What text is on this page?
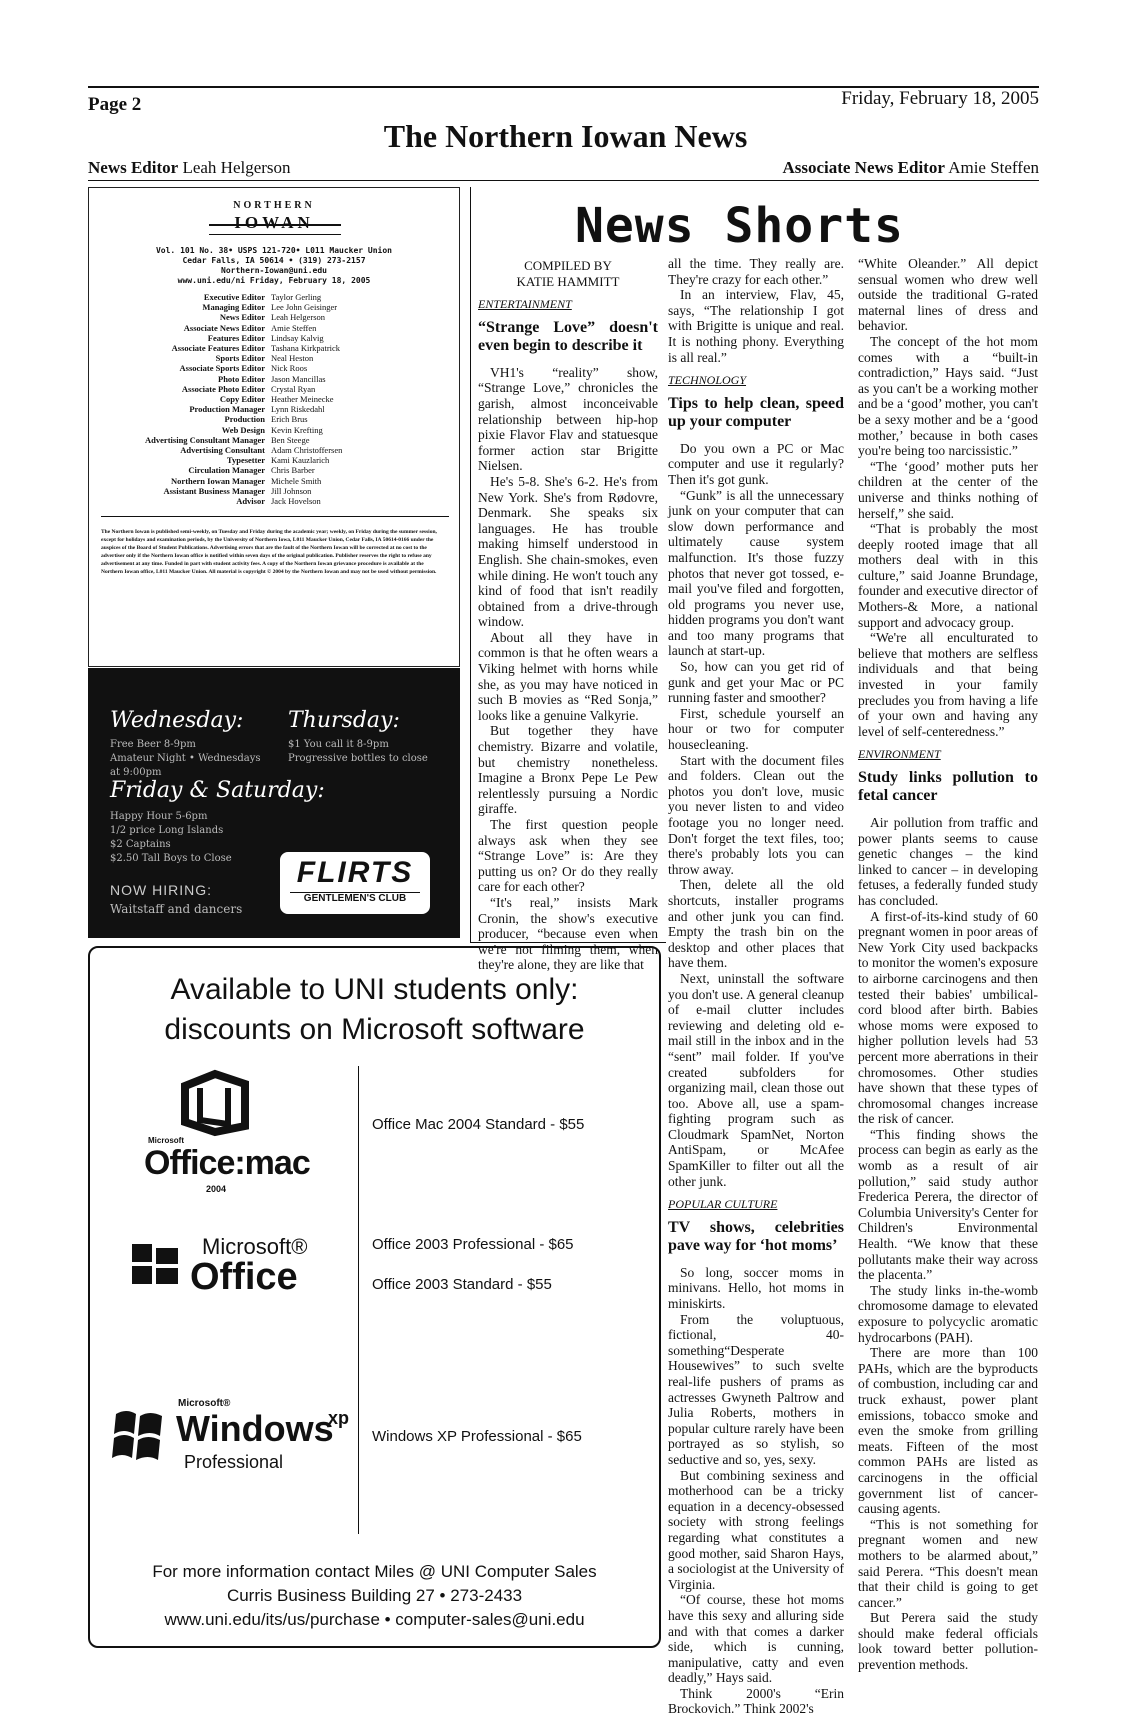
Page 2	Friday, February 18, 2005
The Northern Iowan News
News Editor Leah Helgerson	Associate News Editor Amie Steffen
NORTHERN
IOWAN
Vol. 101 No. 38• USPS 121-720• L011 Maucker Union
Cedar Falls, IA 50614 • (319) 273-2157
Northern-Iowan@uni.edu
www.uni.edu/ni Friday, February 18, 2005
Executive Editor Taylor Gerling
Managing Editor Lee John Geisinger
News Editor Leah Helgerson
Associate News Editor Amie Steffen
Features Editor Lindsay Kalvig
Associate Features Editor Tashana Kirkpatrick
Sports Editor Neal Heston
Associate Sports Editor Nick Roos
Photo Editor Jason Mancillas
Associate Photo Editor Crystal Ryan
Copy Editor Heather Meinecke
Production Manager Lynn Riskedahl
Production Erich Brus
Web Design Kevin Krefting
Advertising Consultant Manager Ben Steege
Advertising Consultant Adam Christoffersen
Typesetter Kami Kauzlarich
Circulation Manager Chris Barber
Northern Iowan Manager Michele Smith
Assistant Business Manager Jill Johnson
Advisor Jack Hovelson
The Northern Iowan is published semi-weekly, on Tuesday and Friday during the academic year; weekly, on Friday during the summer session, except for holidays and examination periods, by the University of Northern Iowa, L011 Maucker Union, Cedar Falls, IA 50614-0166 under the auspices of the Board of Student Publications. Advertising errors that are the fault of the Northern Iowan will be corrected at no cost to the advertiser only if the Northern Iowan office is notified within seven days of the original publication. Publisher reserves the right to refuse any advertisement at any time. Funded in part with student activity fees. A copy of the Northern Iowan grievance procedure is available at the Northern Iowan office, L011 Maucker Union. All material is copyright © 2004 by the Northern Iowan and may not be used without permission.
Wednesday:
Free Beer 8-9pm
Amateur Night • Wednesdays at 9:00pm
Thursday:
$1 You call it 8-9pm
Progressive bottles to close
Friday & Saturday:
Happy Hour 5-6pm
1/2 price Long Islands
$2 Captains
$2.50 Tall Boys to Close
NOW HIRING:
Waitstaff and dancers
FLIRTS
GENTLEMEN'S CLUB
Available to UNI students only:
discounts on Microsoft software
Microsoft
Office:mac
2004
Office Mac 2004 Standard - $55
Microsoft®
Office
Office 2003 Professional - $65
Office 2003 Standard - $55
Microsoft®
Windows
xp
Professional
Windows XP Professional - $65
For more information contact Miles @ UNI Computer Sales
Curris Business Building 27 • 273-2433
www.uni.edu/its/us/purchase • computer-sales@uni.edu
News Shorts
COMPILED BY
KATIE HAMMITT
ENTERTAINMENT
“Strange Love” doesn't even begin to describe it

VH1's “reality” show, “Strange Love,” chronicles the garish, almost inconceivable relationship between hip-hop pixie Flavor Flav and statuesque former action star Brigitte Nielsen.

He's 5-8. She's 6-2. He's from New York. She's from Rødovre, Denmark. She speaks six languages. He has trouble making himself understood in English. She chain-smokes, even while dining. He won't touch any kind of food that isn't readily obtained from a drive-through window.

About all they have in common is that he often wears a Viking helmet with horns while she, as you may have noticed in such B movies as “Red Sonja,” looks like a genuine Valkyrie.

But together they have chemistry. Bizarre and volatile, but chemistry nonetheless. Imagine a Bronx Pepe Le Pew relentlessly pursuing a Nordic giraffe.

The first question people always ask when they see “Strange Love” is: Are they putting us on? Or do they really care for each other?

“It's real,” insists Mark Cronin, the show's executive producer, “because even when we're not filming them, when they're alone, they are like that

all the time. They really are. They're crazy for each other.”

In an interview, Flav, 45, says, “The relationship I got with Brigitte is unique and real. It is nothing phony. Everything is all real.”

TECHNOLOGY
Tips to help clean, speed up your computer

Do you own a PC or Mac computer and use it regularly? Then it's got gunk.

“Gunk” is all the unnecessary junk on your computer that can slow down performance and ultimately cause system malfunction. It's those fuzzy photos that never got tossed, e-mail you've filed and forgotten, old programs you never use, hidden programs you don't want and too many programs that launch at start-up.

So, how can you get rid of gunk and get your Mac or PC running faster and smoother?

First, schedule yourself an hour or two for computer housecleaning.

Start with the document files and folders. Clean out the photos you don't love, music you never listen to and video footage you no longer need. Don't forget the text files, too; there's probably lots you can throw away.

Then, delete all the old shortcuts, installer programs and other junk you can find. Empty the trash bin on the desktop and other places that have them.

Next, uninstall the software you don't use. A general cleanup of e-mail clutter includes reviewing and deleting old e-mail still in the inbox and in the “sent” mail folder. If you've created subfolders for organizing mail, clean those out too. Above all, use a spam-fighting program such as Cloudmark SpamNet, Norton AntiSpam, or McAfee SpamKiller to filter out all the other junk.

POPULAR CULTURE
TV shows, celebrities pave way for ‘hot moms’

So long, soccer moms in minivans. Hello, hot moms in miniskirts.

From the voluptuous, fictional, 40-something“Desperate Housewives” to such svelte real-life pushers of prams as actresses Gwyneth Paltrow and Julia Roberts, mothers in popular culture rarely have been portrayed as so stylish, so seductive and so, yes, sexy.

But combining sexiness and motherhood can be a tricky equation in a decency-obsessed society with strong feelings regarding what constitutes a good mother, said Sharon Hays, a sociologist at the University of Virginia.

“Of course, these hot moms have this sexy and alluring side and with that comes a darker side, which is cunning, manipulative, catty and even deadly,” Hays said.

Think 2000's “Erin Brockovich.” Think 2002's

“White Oleander.” All depict sensual women who drew well outside the traditional G-rated maternal lines of dress and behavior.

The concept of the hot mom comes with a “built-in contradiction,” Hays said. “Just as you can't be a working mother and be a ‘good’ mother, you can't be a sexy mother and be a ‘good mother,’ because in both cases you're being too narcissistic.”

“The ‘good’ mother puts her children at the center of the universe and thinks nothing of herself,” she said.

“That is probably the most deeply rooted image that all mothers deal with in this culture,” said Joanne Brundage, founder and executive director of Mothers-& More, a national support and advocacy group.

“We're all enculturated to believe that mothers are selfless individuals and that being invested in your family precludes you from having a life of your own and having any level of self-centeredness.”

ENVIRONMENT
Study links pollution to fetal cancer

Air pollution from traffic and power plants seems to cause genetic changes – the kind linked to cancer – in developing fetuses, a federally funded study has concluded.

A first-of-its-kind study of 60 pregnant women in poor areas of New York City used backpacks to monitor the women's exposure to airborne carcinogens and then tested their babies' umbilical-cord blood after birth. Babies whose moms were exposed to higher pollution levels had 53 percent more aberrations in their chromosomes. Other studies have shown that these types of chromosomal changes increase the risk of cancer.

“This finding shows the process can begin as early as the womb as a result of air pollution,” said study author Frederica Perera, the director of Columbia University's Center for Children's Environmental Health. “We know that these pollutants make their way across the placenta.”

The study links in-the-womb chromosome damage to elevated exposure to polycyclic aromatic hydrocarbons (PAH).

There are more than 100 PAHs, which are the byproducts of combustion, including car and truck exhaust, power plant emissions, tobacco smoke and even the smoke from grilling meats. Fifteen of the most common PAHs are listed as carcinogens in the official government list of cancer-causing agents.

“This is not something for pregnant women and new mothers to be alarmed about,” said Perera. “This doesn't mean that their child is going to get cancer.”

But Perera said the study should make federal officials look toward better pollution-prevention methods.
